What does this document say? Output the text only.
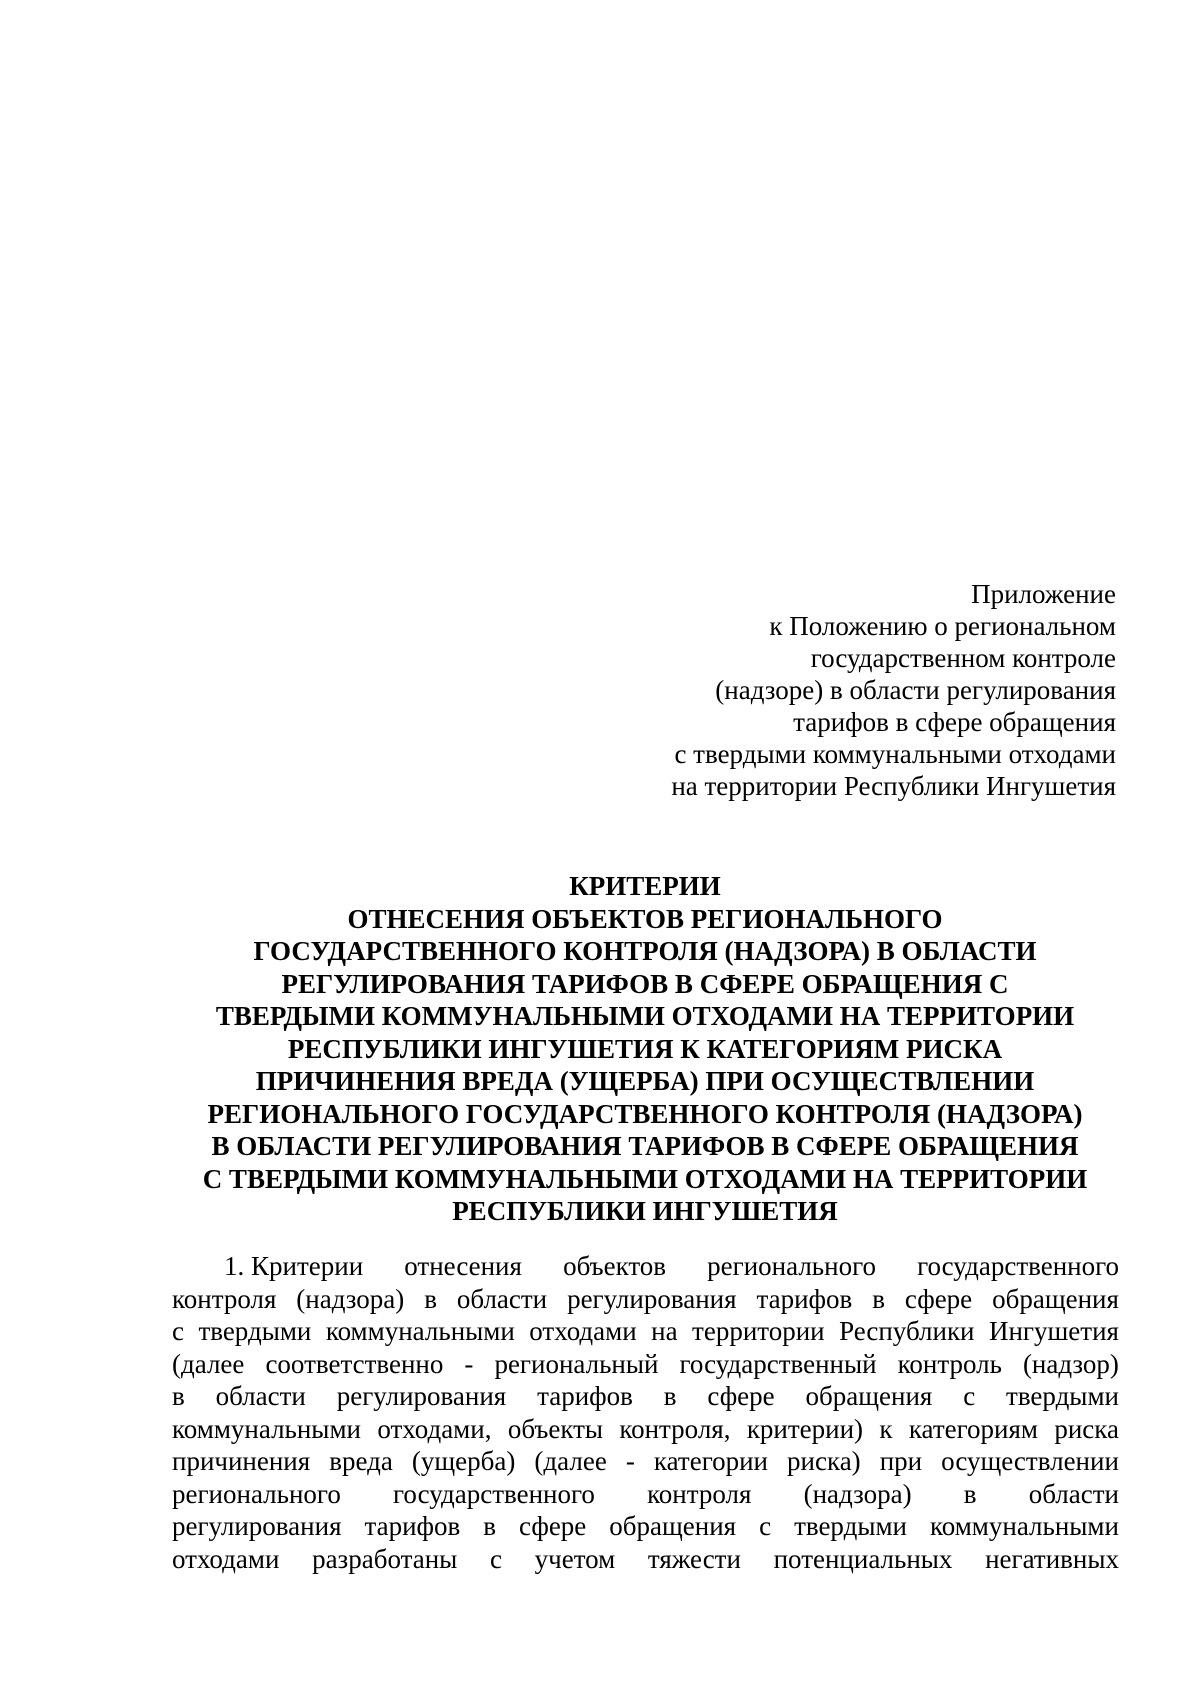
Приложение
к Положению о региональном
государственном контроле
(надзоре) в области регулирования
тарифов в сфере обращения
с твердыми коммунальными отходами
на территории Республики Ингушетия
КРИТЕРИИ
ОТНЕСЕНИЯ ОБЪЕКТОВ РЕГИОНАЛЬНОГО
ГОСУДАРСТВЕННОГО КОНТРОЛЯ (НАДЗОРА) В ОБЛАСТИ
РЕГУЛИРОВАНИЯ ТАРИФОВ В СФЕРЕ ОБРАЩЕНИЯ С
ТВЕРДЫМИ КОММУНАЛЬНЫМИ ОТХОДАМИ НА ТЕРРИТОРИИ
РЕСПУБЛИКИ ИНГУШЕТИЯ К КАТЕГОРИЯМ РИСКА
ПРИЧИНЕНИЯ ВРЕДА (УЩЕРБА) ПРИ ОСУЩЕСТВЛЕНИИ
РЕГИОНАЛЬНОГО ГОСУДАРСТВЕННОГО КОНТРОЛЯ (НАДЗОРА)
В ОБЛАСТИ РЕГУЛИРОВАНИЯ ТАРИФОВ В СФЕРЕ ОБРАЩЕНИЯ
С ТВЕРДЫМИ КОММУНАЛЬНЫМИ ОТХОДАМИ НА ТЕРРИТОРИИ
РЕСПУБЛИКИ ИНГУШЕТИЯ
1. Критерии отнесения объектов регионального государственного
контроля (надзора) в области регулирования тарифов в сфере обращения
с твердыми коммунальными отходами на территории Республики Ингушетия
(далее соответственно - региональный государственный контроль (надзор)
в области регулирования тарифов в сфере обращения с твердыми
коммунальными отходами, объекты контроля, критерии) к категориям риска
причинения вреда (ущерба) (далее - категории риска) при осуществлении
регионального государственного контроля (надзора) в области
регулирования тарифов в сфере обращения с твердыми коммунальными
отходами разработаны с учетом тяжести потенциальных негативных
